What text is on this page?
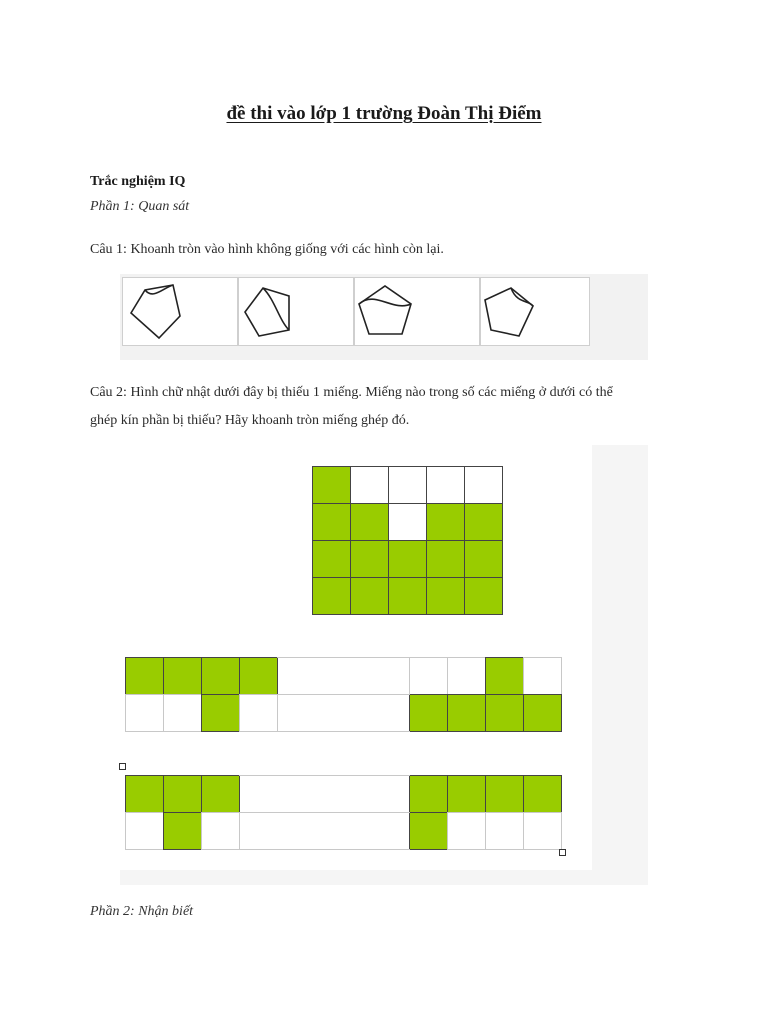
đề thi vào lớp 1 trường Đoàn Thị Điểm
Trắc nghiệm IQ
Phần 1: Quan sát
Câu 1: Khoanh tròn vào hình không giống với các hình còn lại.
Câu 2: Hình chữ nhật dưới đây bị thiếu 1 miếng. Miếng nào trong số các miếng ở dưới có thể
ghép kín phần bị thiếu? Hãy khoanh tròn miếng ghép đó.
Phần 2: Nhận biết
